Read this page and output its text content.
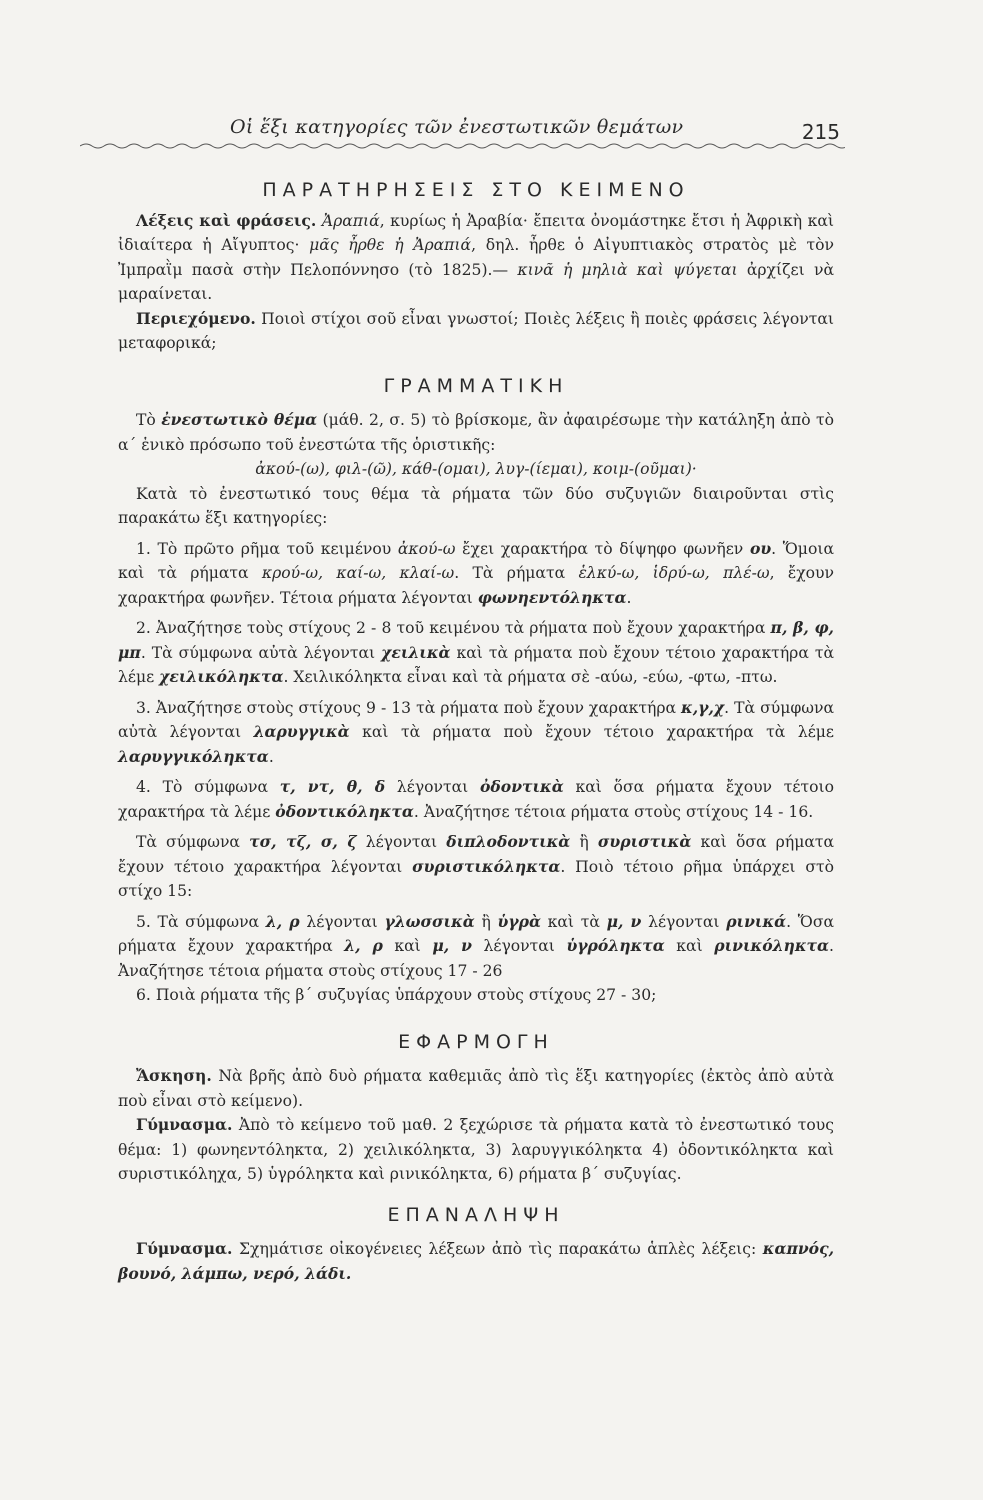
Οἱ ἕξι κατηγορίες τῶν ἐνεστωτικῶν θεμάτων	215
ΠΑΡΑΤΗΡΗΣΕΙΣ ΣΤΟ ΚΕΙΜΕΝΟ

Λέξεις καὶ φράσεις. Ἀραπιά, κυρίως ἡ Ἀραβία· ἔπειτα ὀνομάστηκε ἔτσι ἡ Ἀφρικὴ καὶ ἰδιαίτερα ἡ Αἴγυπτος· μᾶς ἦρθε ἡ Ἀραπιά, δηλ. ἦρθε ὁ Αἰγυπτιακὸς στρατὸς μὲ τὸν Ἰμπραῒμ πασὰ στὴν Πελοπόννησο (τὸ 1825).— κινᾶ ἡ μηλιὰ καὶ ψύγεται ἀρχίζει νὰ μαραίνεται.

Περιεχόμενο. Ποιοὶ στίχοι σοῦ εἶναι γνωστοί; Ποιὲς λέξεις ἢ ποιὲς φράσεις λέγονται μεταφορικά;

ΓΡΑΜΜΑΤΙΚΗ

Τὸ ἐνεστωτικὸ θέμα (μάθ. 2, σ. 5) τὸ βρίσκομε, ἂν ἀφαιρέσωμε τὴν κατάληξη ἀπὸ τὸ α΄ ἑνικὸ πρόσωπο τοῦ ἐνεστώτα τῆς ὁριστικῆς:

ἀκού-(ω), φιλ-(ῶ), κάθ-(ομαι), λυγ-(ίεμαι), κοιμ-(οῦμαι)·

Κατὰ τὸ ἐνεστωτικό τους θέμα τὰ ρήματα τῶν δύο συζυγιῶν διαιροῦνται στὶς παρακάτω ἕξι κατηγορίες:

1. Τὸ πρῶτο ρῆμα τοῦ κειμένου ἀκού-ω ἔχει χαρακτήρα τὸ δίψηφο φωνῆεν ου. Ὅμοια καὶ τὰ ρήματα κρού-ω, καί-ω, κλαί-ω. Τὰ ρήματα ἑλκύ-ω, ἱδρύ-ω, πλέ-ω, ἔχουν χαρακτήρα φωνῆεν. Τέτοια ρήματα λέγονται φωνηεντόληκτα.

2. Ἀναζήτησε τοὺς στίχους 2 - 8 τοῦ κειμένου τὰ ρήματα ποὺ ἔχουν χαρακτήρα π, β, φ, μπ. Τὰ σύμφωνα αὐτὰ λέγονται χειλικὰ καὶ τὰ ρήματα ποὺ ἔχουν τέτοιο χαρακτήρα τὰ λέμε χειλικόληκτα. Χειλικόληκτα εἶναι καὶ τὰ ρήματα σὲ -αύω, -εύω, -φτω, -πτω.

3. Ἀναζήτησε στοὺς στίχους 9 - 13 τὰ ρήματα ποὺ ἔχουν χαρακτήρα κ,γ,χ. Τὰ σύμφωνα αὐτὰ λέγονται λαρυγγικὰ καὶ τὰ ρήματα ποὺ ἔχουν τέτοιο χαρακτήρα τὰ λέμε λαρυγγικόληκτα.

4. Τὸ σύμφωνα τ, ντ, θ, δ λέγονται ὀδοντικὰ καὶ ὅσα ρήματα ἔχουν τέτοιο χαρακτήρα τὰ λέμε ὀδοντικόληκτα. Ἀναζήτησε τέτοια ρήματα στοὺς στίχους 14 - 16.

Τὰ σύμφωνα τσ, τζ, σ, ζ λέγονται διπλοδοντικὰ ἢ συριστικὰ καὶ ὅσα ρήματα ἔχουν τέτοιο χαρακτήρα λέγονται συριστικόληκτα. Ποιὸ τέτοιο ρῆμα ὑπάρχει στὸ στίχο 15:

5. Τὰ σύμφωνα λ, ρ λέγονται γλωσσικὰ ἢ ὑγρὰ καὶ τὰ μ, ν λέγονται ρινικά. Ὅσα ρήματα ἔχουν χαρακτήρα λ, ρ καὶ μ, ν λέγονται ὑγρόληκτα καὶ ρινικόληκτα. Ἀναζήτησε τέτοια ρήματα στοὺς στίχους 17 - 26

6. Ποιὰ ρήματα τῆς β΄ συζυγίας ὑπάρχουν στοὺς στίχους 27 - 30;

ΕΦΑΡΜΟΓΗ

Ἄσκηση. Νὰ βρῆς ἀπὸ δυὸ ρήματα καθεμιᾶς ἀπὸ τὶς ἕξι κατηγορίες (ἐκτὸς ἀπὸ αὐτὰ ποὺ εἶναι στὸ κείμενο).

Γύμνασμα. Ἀπὸ τὸ κείμενο τοῦ μαθ. 2 ξεχώρισε τὰ ρήματα κατὰ τὸ ἐνεστωτικό τους θέμα: 1) φωνηεντόληκτα, 2) χειλικόληκτα, 3) λαρυγγικόληκτα 4) ὀδοντικόληκτα καὶ συριστικόληχα, 5) ὑγρόληκτα καὶ ρινικόληκτα, 6) ρήματα β΄ συζυγίας.

ΕΠΑΝΑΛΗΨΗ

Γύμνασμα. Σχημάτισε οἰκογένειες λέξεων ἀπὸ τὶς παρακάτω ἁπλὲς λέξεις: καπνός, βουνό, λάμπω, νερό, λάδι.
